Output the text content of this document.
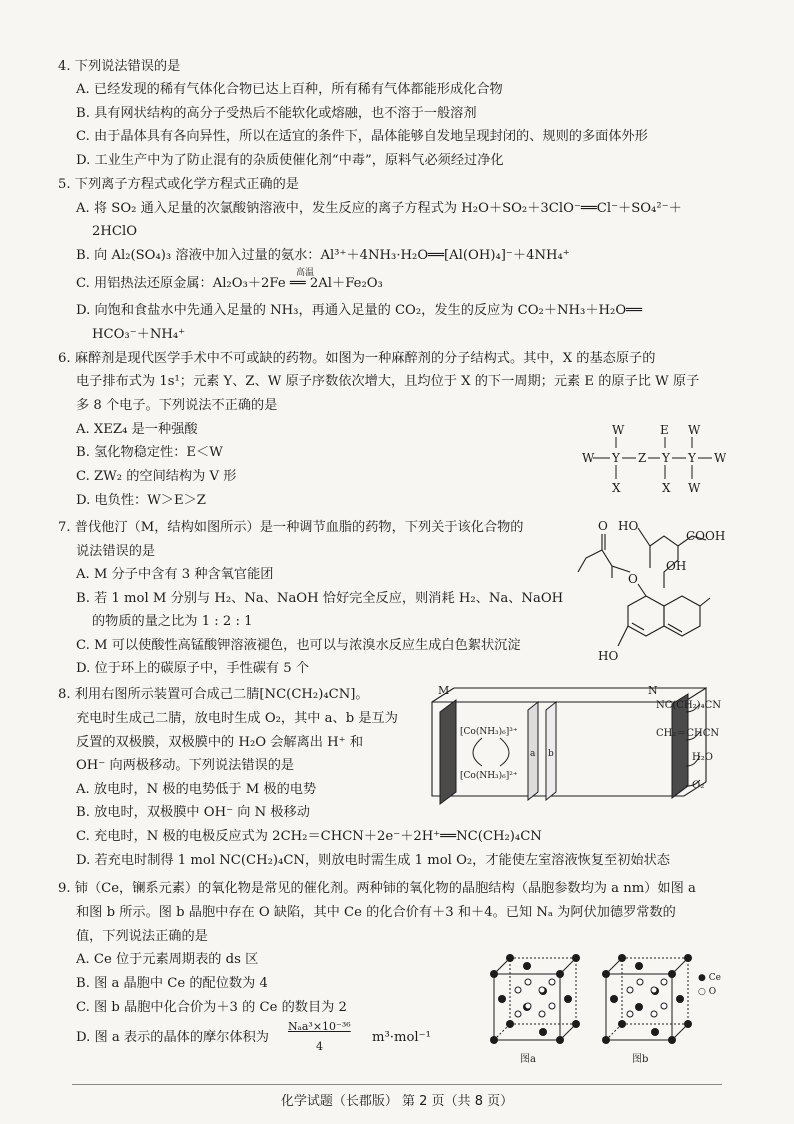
4. 下列说法错误的是
A. 已经发现的稀有气体化合物已达上百种，所有稀有气体都能形成化合物
B. 具有网状结构的高分子受热后不能软化或熔融，也不溶于一般溶剂
C. 由于晶体具有各向异性，所以在适宜的条件下，晶体能够自发地呈现封闭的、规则的多面体外形
D. 工业生产中为了防止混有的杂质使催化剂“中毒”，原料气必须经过净化
5. 下列离子方程式或化学方程式正确的是
A. 将 SO₂ 通入足量的次氯酸钠溶液中，发生反应的离子方程式为 H₂O＋SO₂＋3ClO⁻══Cl⁻＋SO₄²⁻＋
2HClO
B. 向 Al₂(SO₄)₃ 溶液中加入过量的氨水：Al³⁺＋4NH₃·H₂O══[Al(OH)₄]⁻＋4NH₄⁺
高温
C. 用铝热法还原金属：Al₂O₃＋2Fe ══ 2Al＋Fe₂O₃
D. 向饱和食盐水中先通入足量的 NH₃，再通入足量的 CO₂，发生的反应为 CO₂＋NH₃＋H₂O══
HCO₃⁻＋NH₄⁺
6. 麻醉剂是现代医学手术中不可或缺的药物。如图为一种麻醉剂的分子结构式。其中，X 的基态原子的
电子排布式为 1s¹；元素 Y、Z、W 原子序数依次增大，且均位于 X 的下一周期；元素 E 的原子比 W 原子
多 8 个电子。下列说法不正确的是
A. XEZ₄ 是一种强酸
B. 氢化物稳定性：E＜W
C. ZW₂ 的空间结构为 V 形
D. 电负性：W＞E＞Z
W	E W
W Y Z Y Y W
X	X W
7. 普伐他汀（M，结构如图所示）是一种调节血脂的药物，下列关于该化合物的
说法错误的是
A. M 分子中含有 3 种含氧官能团
B. 若 1 mol M 分别与 H₂、Na、NaOH 恰好完全反应，则消耗 H₂、Na、NaOH
的物质的量之比为 1 : 2 : 1
C. M 可以使酸性高锰酸钾溶液褪色，也可以与浓溴水反应生成白色絮状沉淀
D. 位于环上的碳原子中，手性碳有 5 个
HO
COOH
OH
O
O
HO
8. 利用右图所示装置可合成己二腈[NC(CH₂)₄CN]。
充电时生成己二腈，放电时生成 O₂，其中 a、b 是互为
反置的双极膜，双极膜中的 H₂O 会解离出 H⁺ 和
OH⁻ 向两极移动。下列说法错误的是
A. 放电时，N 极的电势低于 M 极的电势
B. 放电时，双极膜中 OH⁻ 向 N 极移动
C. 充电时，N 极的电极反应式为 2CH₂＝CHCN＋2e⁻＋2H⁺══NC(CH₂)₄CN
D. 若充电时制得 1 mol NC(CH₂)₄CN，则放电时需生成 1 mol O₂，才能使左室溶液恢复至初始状态
M	N
[Co(NH₃)₆]³⁺
[Co(NH₃)₆]²⁺
a b
NC(CH₂)₄CN
CH₂＝CHCN
H₂O
O₂
9. 铈（Ce，镧系元素）的氧化物是常见的催化剂。两种铈的氧化物的晶胞结构（晶胞参数均为 a nm）如图 a
和图 b 所示。图 b 晶胞中存在 O 缺陷，其中 Ce 的化合价有＋3 和＋4。已知 Nₐ 为阿伏加德罗常数的
值，下列说法正确的是
A. Ce 位于元素周期表的 ds 区
B. 图 a 晶胞中 Ce 的配位数为 4
C. 图 b 晶胞中化合价为＋3 的 Ce 的数目为 2
D. 图 a 表示的晶体的摩尔体积为
Nₐa³×10⁻³⁶
4
m³·mol⁻¹
图a	图b
● Ce
○ O
化学试题（长郡版） 第 2 页（共 8 页）
